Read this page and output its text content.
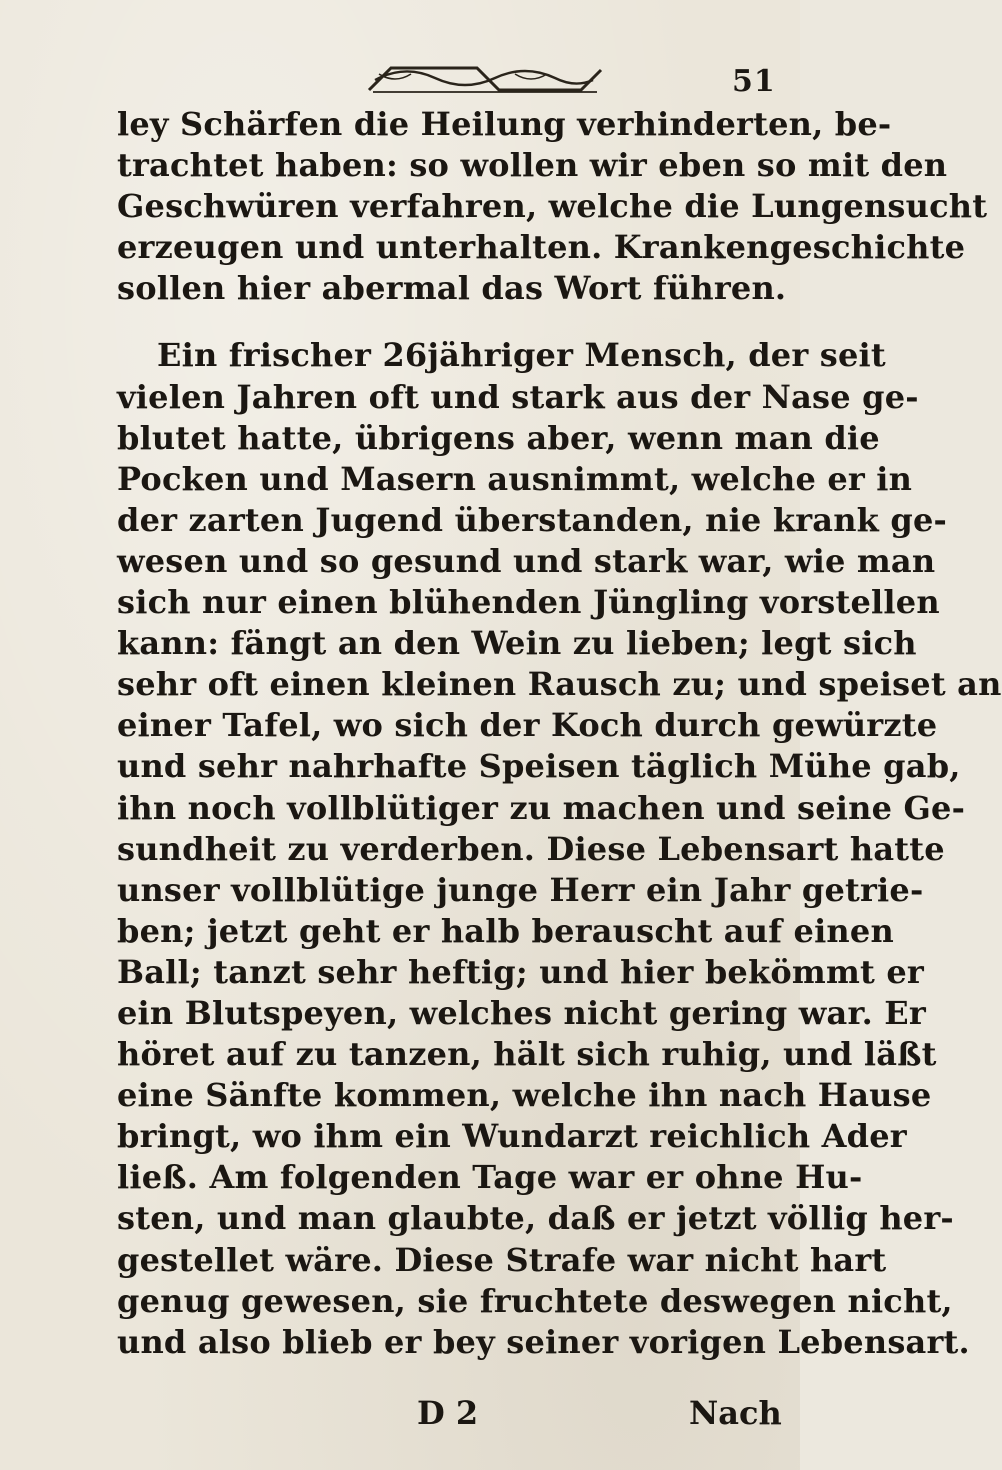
51
ley Schärfen die Heilung verhinderten, be-
trachtet haben: so wollen wir eben so mit den
Geschwüren verfahren, welche die Lungensucht
erzeugen und unterhalten. Krankengeschichte
sollen hier abermal das Wort führen.
Ein frischer 26jähriger Mensch, der seit
vielen Jahren oft und stark aus der Nase ge-
blutet hatte, übrigens aber, wenn man die
Pocken und Masern ausnimmt, welche er in
der zarten Jugend überstanden, nie krank ge-
wesen und so gesund und stark war, wie man
sich nur einen blühenden Jüngling vorstellen
kann: fängt an den Wein zu lieben; legt sich
sehr oft einen kleinen Rausch zu; und speiset an
einer Tafel, wo sich der Koch durch gewürzte
und sehr nahrhafte Speisen täglich Mühe gab,
ihn noch vollblütiger zu machen und seine Ge-
sundheit zu verderben. Diese Lebensart hatte
unser vollblütige junge Herr ein Jahr getrie-
ben; jetzt geht er halb berauscht auf einen
Ball; tanzt sehr heftig; und hier bekömmt er
ein Blutspeyen, welches nicht gering war. Er
höret auf zu tanzen, hält sich ruhig, und läßt
eine Sänfte kommen, welche ihn nach Hause
bringt, wo ihm ein Wundarzt reichlich Ader
ließ. Am folgenden Tage war er ohne Hu-
sten, und man glaubte, daß er jetzt völlig her-
gestellet wäre. Diese Strafe war nicht hart
genug gewesen, sie fruchtete deswegen nicht,
und also blieb er bey seiner vorigen Lebensart.
D 2	Nach
